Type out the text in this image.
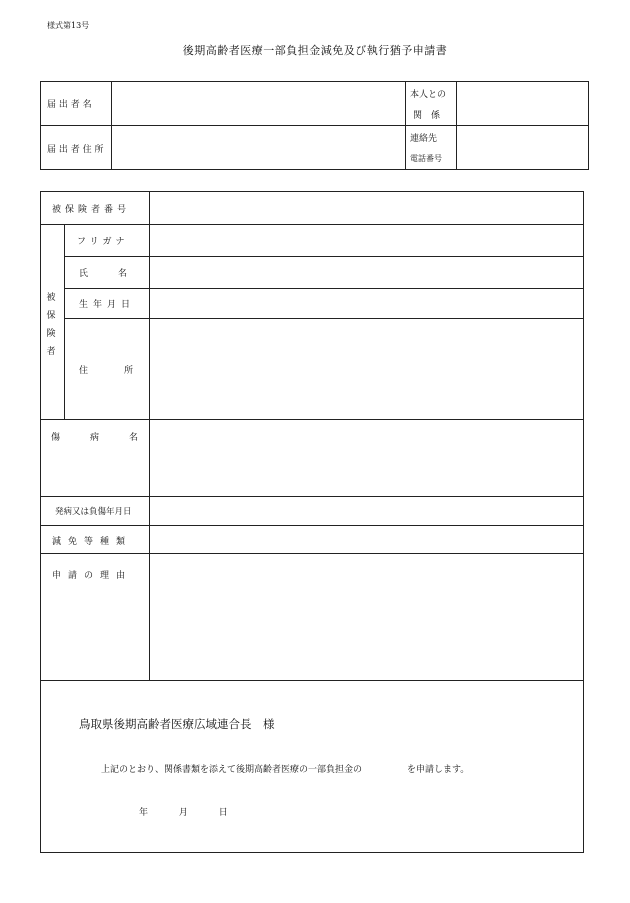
様式第13号
後期高齢者医療一部負担金減免及び執行猶予申請書
届 出 者 名
本人との
関　係
届 出 者 住 所
連絡先
電話番号
被保険者番号
被
保
険
者
フリガナ
氏　　名
生年月日
住　　所
傷　　病　　名
発病又は負傷年月日
減免等種類
申請の理由
鳥取県後期高齢者医療広域連合長　様
上記のとおり、関係書類を添えて後期高齢者医療の一部負担金の　　　　　を申請します。
年	月	日
